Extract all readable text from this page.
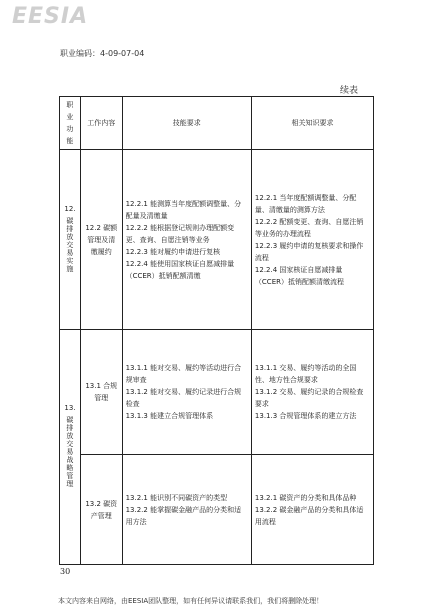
EESIA
职业编码：4-09-07-04
续表
职业功能	工作内容	技能要求	相关知识要求

12.
碳排放交易实施	12.2 碳额管理及清缴履约	12.2.1 能测算当年度配额调整量、分配量及清缴量
12.2.2 能根据登记规则办理配额变更、查询、自愿注销等业务
12.2.3 能对履约申请进行复核
12.2.4 能使用国家核证自愿减排量（CCER）抵销配额清缴	12.2.1 当年度配额调整量、分配量、清缴量的测算方法
12.2.2 配额变更、查询、自愿注销等业务的办理流程
12.2.3 履约申请的复核要求和操作流程
12.2.4 国家核证自愿减排量（CCER）抵销配额清缴流程

13.
碳排放交易战略管理	13.1 合规管理	13.1.1 能对交易、履约等活动进行合规审查
13.1.2 能对交易、履约记录进行合规检查
13.1.3 能建立合规管理体系	13.1.1 交易、履约等活动的全国性、地方性合规要求
13.1.2 交易、履约记录的合规检查要求
13.1.3 合规管理体系的建立方法

	13.2 碳资产管理	13.2.1 能识别不同碳资产的类型
13.2.2 能掌握碳金融产品的分类和适用方法	13.2.1 碳资产的分类和具体品种
13.2.2 碳金融产品的分类和具体适用流程
30
本文内容来自网络，由EESIA团队整理，如有任何异议请联系我们，我们将删除处理！
